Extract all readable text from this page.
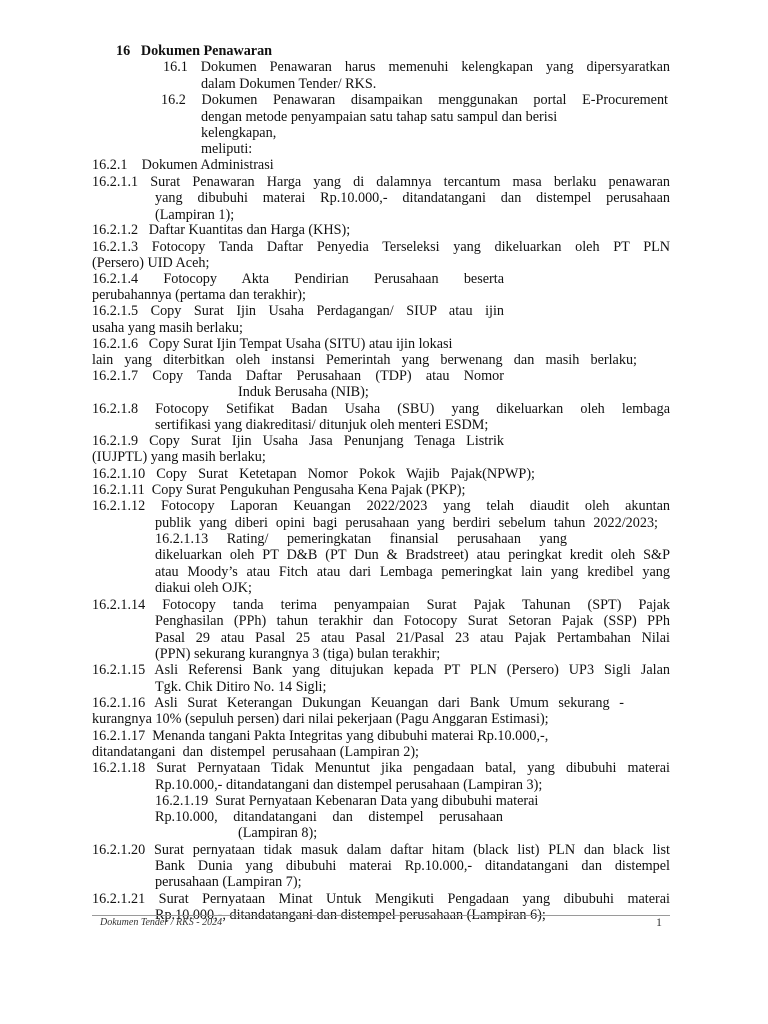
16 Dokumen Penawaran
16.1 Dokumen Penawaran harus memenuhi kelengkapan yang dipersyaratkan
dalam Dokumen Tender/ RKS.
16.2 Dokumen Penawaran disampaikan menggunakan portal E-Procurement
dengan metode penyampaian satu tahap satu sampul dan berisi
kelengkapan,
meliputi:
16.2.1    Dokumen Administrasi
16.2.1.1 Surat Penawaran Harga yang di dalamnya tercantum masa berlaku penawaran
yang dibubuhi materai Rp.10.000,- ditandatangani dan distempel perusahaan
(Lampiran 1);
16.2.1.2   Daftar Kuantitas dan Harga (KHS);
16.2.1.3 Fotocopy Tanda Daftar Penyedia Terseleksi yang dikeluarkan oleh PT PLN
(Persero) UID Aceh;
16.2.1.4 Fotocopy Akta Pendirian Perusahaan beserta
perubahannya (pertama dan terakhir);
16.2.1.5 Copy Surat Ijin Usaha Perdagangan/ SIUP atau ijin
usaha yang masih berlaku;
16.2.1.6   Copy Surat Ijin Tempat Usaha (SITU) atau ijin lokasi
lain yang diterbitkan oleh instansi Pemerintah yang berwenang dan masih berlaku;
16.2.1.7 Copy Tanda Daftar Perusahaan (TDP) atau Nomor
Induk Berusaha (NIB);
16.2.1.8 Fotocopy Setifikat Badan Usaha (SBU) yang dikeluarkan oleh lembaga
sertifikasi yang diakreditasi/ ditunjuk oleh menteri ESDM;
16.2.1.9 Copy Surat Ijin Usaha Jasa Penunjang Tenaga Listrik
(IUJPTL) yang masih berlaku;
16.2.1.10 Copy Surat Ketetapan Nomor Pokok Wajib Pajak(NPWP);
16.2.1.11  Copy Surat Pengukuhan Pengusaha Kena Pajak (PKP);
16.2.1.12 Fotocopy Laporan Keuangan 2022/2023 yang telah diaudit oleh akuntan
publik yang diberi opini bagi perusahaan yang berdiri sebelum tahun 2022/2023;
16.2.1.13 Rating/ pemeringkatan finansial perusahaan yang
dikeluarkan oleh PT D&B (PT Dun & Bradstreet) atau peringkat kredit oleh S&P
atau Moody’s atau Fitch atau dari Lembaga pemeringkat lain yang kredibel yang
diakui oleh OJK;
16.2.1.14 Fotocopy tanda terima penyampaian Surat Pajak Tahunan (SPT) Pajak
Penghasilan (PPh) tahun terakhir dan Fotocopy Surat Setoran Pajak (SSP) PPh
Pasal 29 atau Pasal 25 atau Pasal 21/Pasal 23 atau Pajak Pertambahan Nilai
(PPN) sekurang kurangnya 3 (tiga) bulan terakhir;
16.2.1.15 Asli Referensi Bank yang ditujukan kepada PT PLN (Persero) UP3 Sigli Jalan
Tgk. Chik Ditiro No. 14 Sigli;
16.2.1.16 Asli Surat Keterangan Dukungan Keuangan dari Bank Umum sekurang -
kurangnya 10% (sepuluh persen) dari nilai pekerjaan (Pagu Anggaran Estimasi);
16.2.1.17  Menanda tangani Pakta Integritas yang dibubuhi materai Rp.10.000,-,
ditandatangani  dan  distempel  perusahaan (Lampiran 2);
16.2.1.18 Surat Pernyataan Tidak Menuntut jika pengadaan batal, yang dibubuhi materai
Rp.10.000,- ditandatangani dan distempel perusahaan (Lampiran 3);
16.2.1.19  Surat Pernyataan Kebenaran Data yang dibubuhi materai
Rp.10.000, ditandatangani dan distempel perusahaan
(Lampiran 8);
16.2.1.20 Surat pernyataan tidak masuk dalam daftar hitam (black list) PLN dan black list
Bank Dunia yang dibubuhi materai Rp.10.000,- ditandatangani dan distempel
perusahaan (Lampiran 7);
16.2.1.21 Surat Pernyataan Minat Untuk Mengikuti Pengadaan yang dibubuhi materai
Rp.10.000,-, ditandatangani dan distempel perusahaan (Lampiran 6);
Dokumen Tender / RKS - 2024	1
